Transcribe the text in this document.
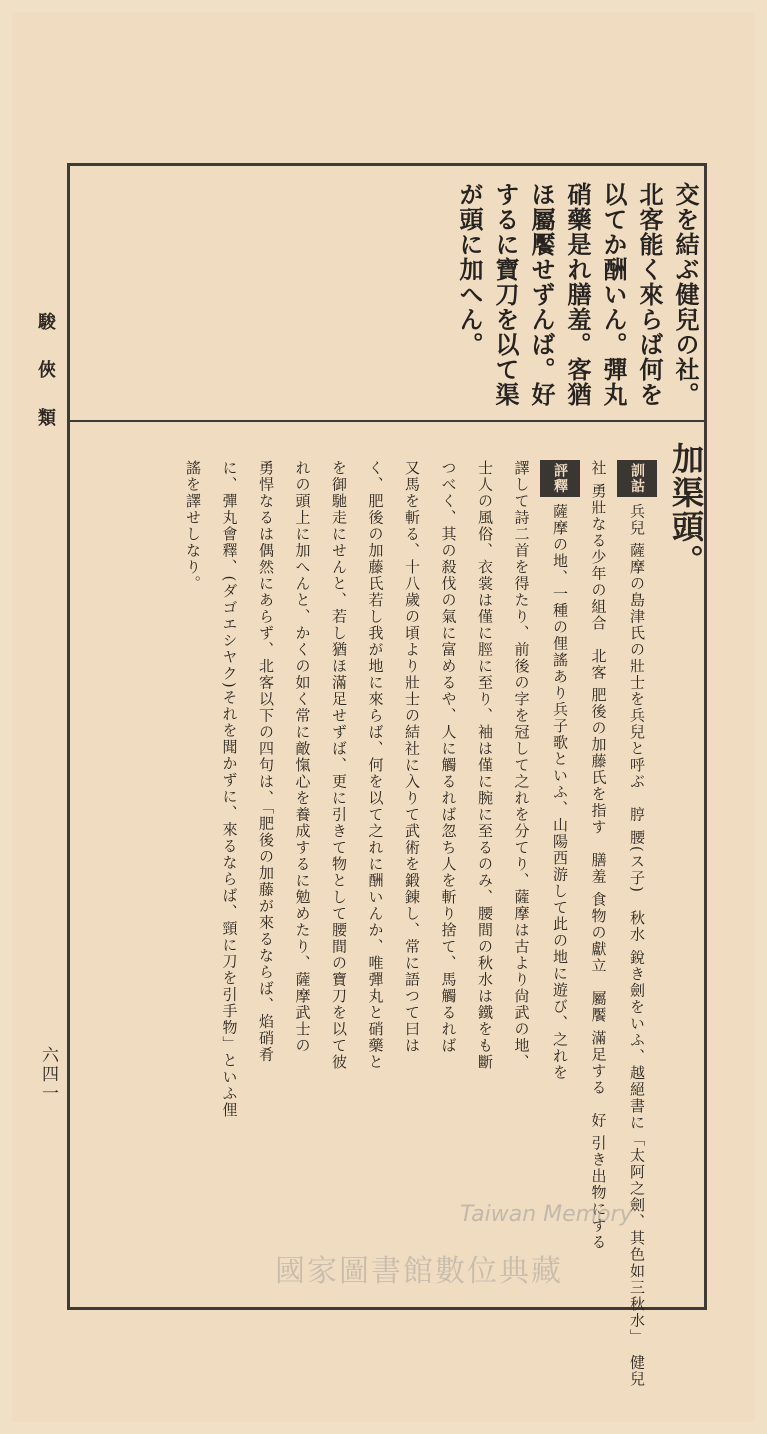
駿俠類
六四一
交を結ぶ健兒の社。
北客能く來らば何を
以てか酬いん。彈丸
硝藥是れ膳羞。客猶
ほ屬饜せずんば。好
するに寶刀を以て渠
が頭に加へん。
加渠頭。

訓詁 兵兒 薩摩の島津氏の壯士を兵兒と呼ぶ　脝 腰(ス子)　秋水 銳き劍をいふ、越絕書に「太阿之劍、其色如三秋水」　健兒

社 勇壯なる少年の組合　北客 肥後の加藤氏を指す　膳羞 食物の獻立　屬饜 滿足する　好 引き出物にする

評釋 薩摩の地、一種の俚謠あり兵子歌といふ、山陽西游して此の地に遊び、之れを

譯して詩二首を得たり、前後の字を冠して之れを分てり、薩摩は古より尙武の地、

士人の風俗、衣裳は僅に脛に至り、袖は僅に腕に至るのみ、腰間の秋水は鐵をも斷

つべく、其の殺伐の氣に富めるや、人に觸るれば忽ち人を斬り捨て、馬觸るれば

又馬を斬る、十八歲の頃より壯士の結社に入りて武術を鍛錬し、常に語つて曰は

く、肥後の加藤氏若し我が地に來らば、何を以て之れに酬いんか、唯彈丸と硝藥と

を御馳走にせんと、若し猶ほ滿足せずば、更に引きて物として腰間の寶刀を以て彼

れの頭上に加へんと、かくの如く常に敵愾心を養成するに勉めたり、薩摩武士の

勇悍なるは偶然にあらず、北客以下の四句は、「肥後の加藤が來るならば、焰硝肴

に、彈丸會釋、(ダゴエシヤク)それを聞かずに、來るならば、頸に刀を引手物」といふ俚

謠を譯せしなり。

Taiwan Memory
國家圖書館數位典藏
